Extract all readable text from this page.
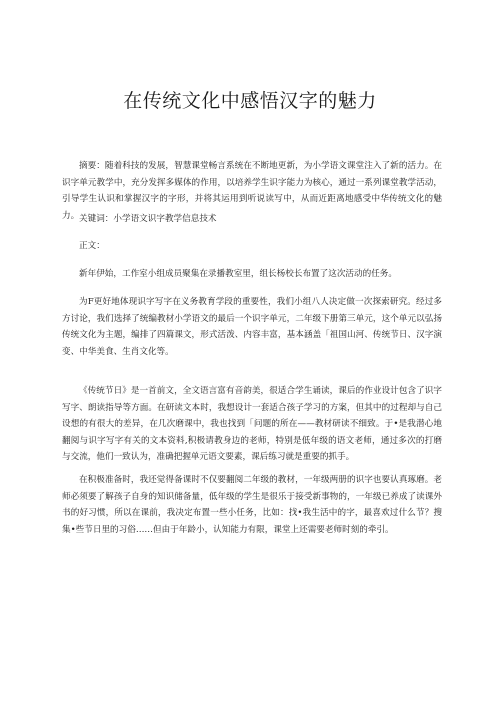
在传统文化中感悟汉字的魅力

摘要：随着科技的发展，智慧课堂畅言系统在不断地更新，为小学语文课堂注入了新的活力。在识字单元教学中，充分发挥多媒体的作用，以培养学生识字能力为核心，通过一系列课堂教学活动，引导学生认识和掌握汉字的字形，并将其运用到听说读写中，从而近距离地感受中华传统文化的魅力。 关键词：小学语文识字教学信息技术

正文：

新年伊始，工作室小组成员聚集在录播教室里，组长杨校长布置了这次活动的任务。

为F更好地体现识字写字在义务教育学段的重要性，我们小组八人决定做一次探索研究。经过多方讨论，我们选择了统编教材小学语文的最后一个识字单元，二年级下册第三单元，这个单元以弘扬传统文化为主题，编排了四篇课文，形式活泼、内容丰富，基本涵盖「祖国山河、传统节日、汉字演变、中华美食、生肖文化等。

《传统节日》是一首前文，全文语言富有音韵美，很适合学生诵读，课后的作业设计包含了识字写字、朗读指导等方面。在研读文本时，我想设计一套适合孩子学习的方案，但其中的过程却与自己设想的有很大的差异，在几次磨课中，我也找到「问题的所在——教材研读不细致。于•是我潜心地翻阅与识字写字有关的文本资料,积极请教身边的老师，特别是低年级的语文老师，通过多次的打磨与交流，他们一致认为，准确把握单元语文要素，课后练习就是重要的抓手。

在积极准备时，我还觉得备课时不仅要翻阅二年级的教材，一年级两册的识字也要认真琢磨。老师必须要了解孩子自身的知识储备量，低年级的学生是很乐于接受新事物的，一年级已养成了读课外书的好习惯，所以在课前，我决定布置一些小任务，比如：找•我生活中的字，最喜欢过什么节？搜集•些节日里的习俗……但由于年龄小，认知能力有限，课堂上还需要老师时刻的牵引。
